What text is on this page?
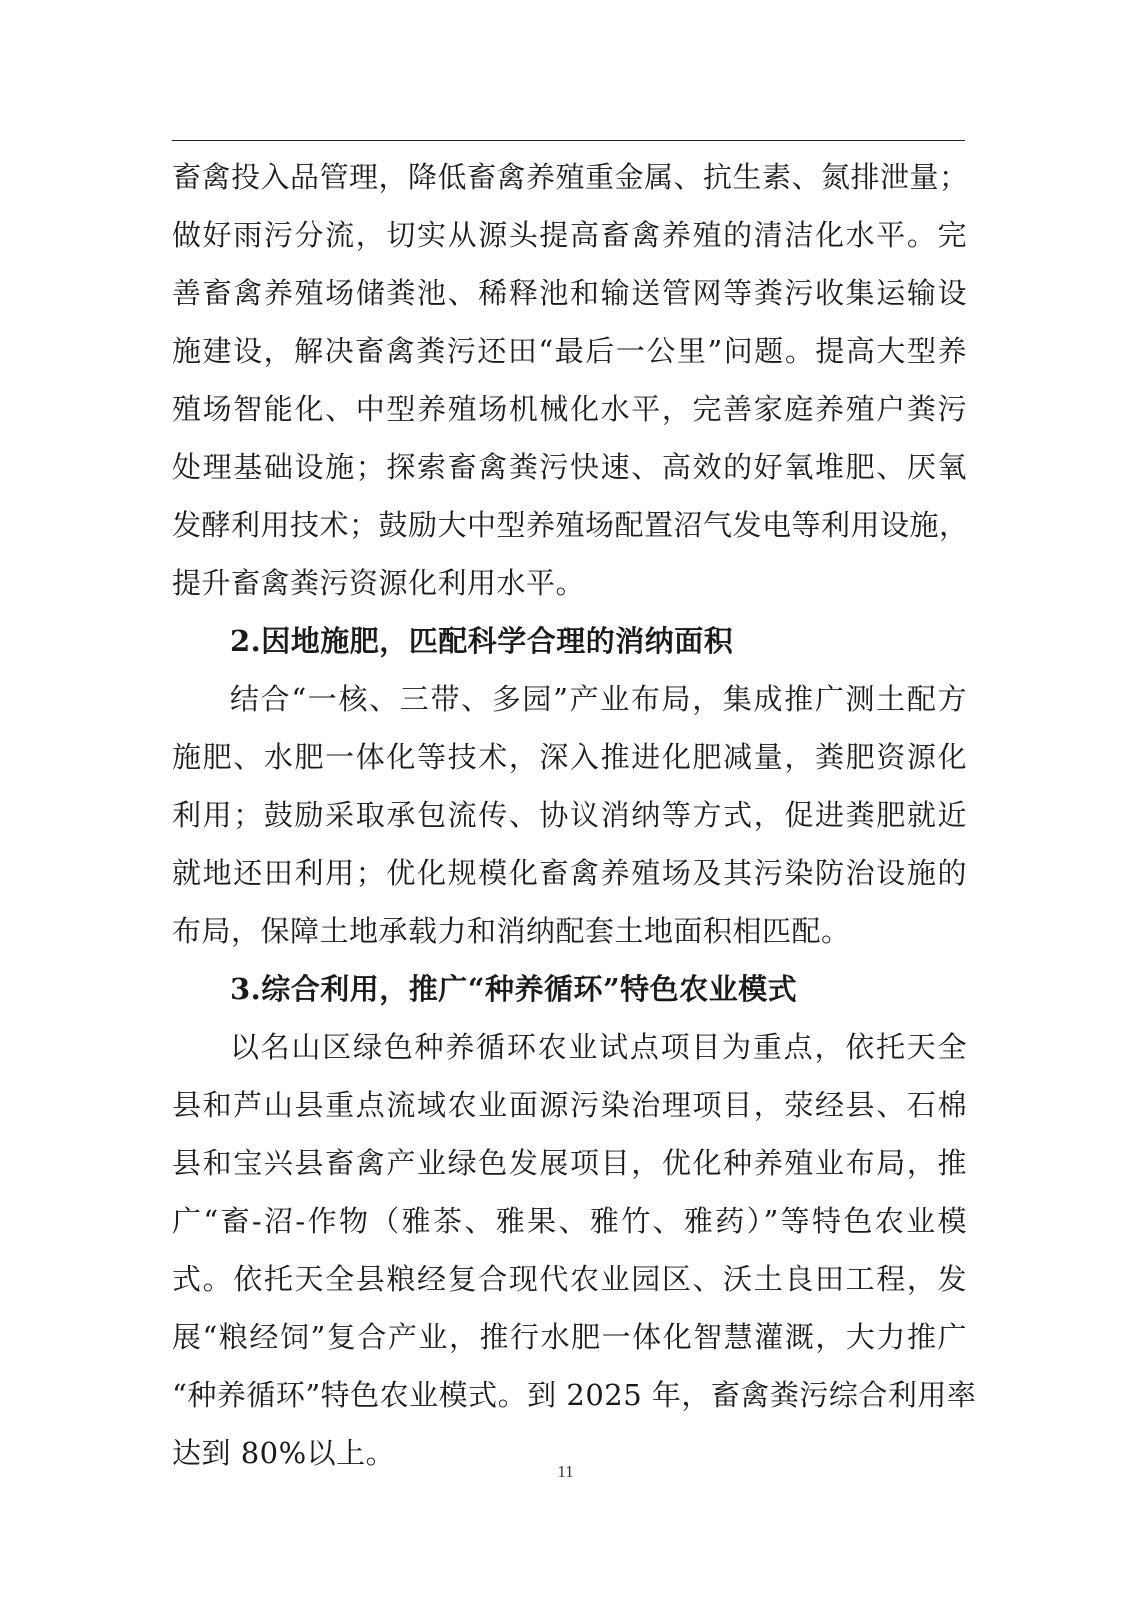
畜禽投入品管理，降低畜禽养殖重金属、抗生素、氮排泄量；
做好雨污分流，切实从源头提高畜禽养殖的清洁化水平。完
善畜禽养殖场储粪池、稀释池和输送管网等粪污收集运输设
施建设，解决畜禽粪污还田“最后一公里”问题。提高大型养
殖场智能化、中型养殖场机械化水平，完善家庭养殖户粪污
处理基础设施；探索畜禽粪污快速、高效的好氧堆肥、厌氧
发酵利用技术；鼓励大中型养殖场配置沼气发电等利用设施，
提升畜禽粪污资源化利用水平。
2.因地施肥，匹配科学合理的消纳面积
结合“一核、三带、多园”产业布局，集成推广测土配方
施肥、水肥一体化等技术，深入推进化肥减量，粪肥资源化
利用；鼓励采取承包流传、协议消纳等方式，促进粪肥就近
就地还田利用；优化规模化畜禽养殖场及其污染防治设施的
布局，保障土地承载力和消纳配套土地面积相匹配。
3.综合利用，推广“种养循环”特色农业模式
以名山区绿色种养循环农业试点项目为重点，依托天全
县和芦山县重点流域农业面源污染治理项目，荥经县、石棉
县和宝兴县畜禽产业绿色发展项目，优化种养殖业布局，推
广“畜-沼-作物（雅茶、雅果、雅竹、雅药）”等特色农业模
式。依托天全县粮经复合现代农业园区、沃土良田工程，发
展“粮经饲”复合产业，推行水肥一体化智慧灌溉，大力推广
“种养循环”特色农业模式。到 2025 年，畜禽粪污综合利用率
达到 80%以上。
11
